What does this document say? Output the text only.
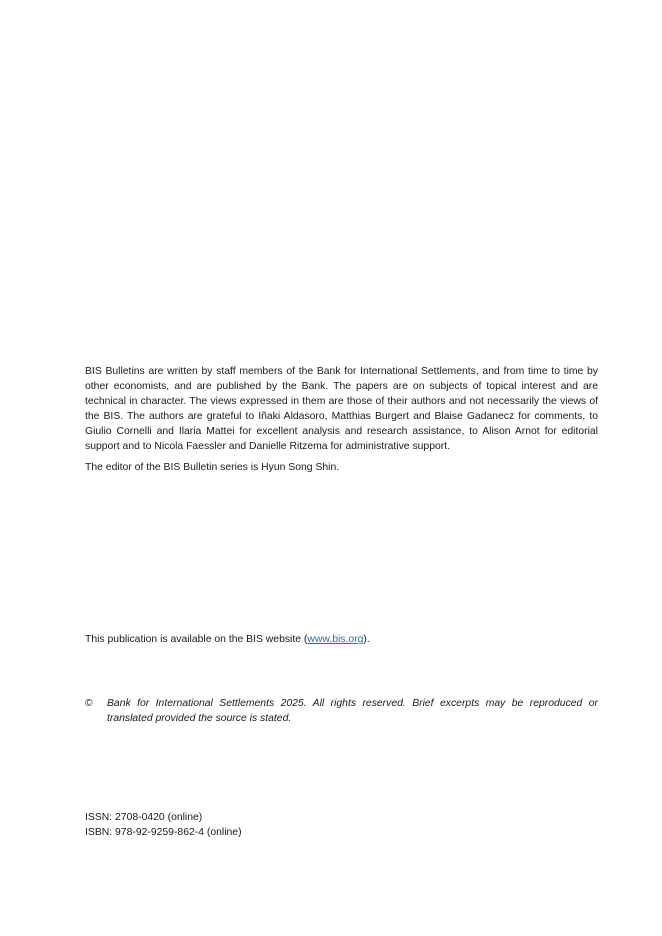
BIS Bulletins are written by staff members of the Bank for International Settlements, and from time to time by other economists, and are published by the Bank. The papers are on subjects of topical interest and are technical in character. The views expressed in them are those of their authors and not necessarily the views of the BIS. The authors are grateful to Iñaki Aldasoro, Matthias Burgert and Blaise Gadanecz for comments, to Giulio Cornelli and Ilaria Mattei for excellent analysis and research assistance, to Alison Arnot for editorial support and to Nicola Faessler and Danielle Ritzema for administrative support.

The editor of the BIS Bulletin series is Hyun Song Shin.

This publication is available on the BIS website (www.bis.org).

©	Bank for International Settlements 2025. All rights reserved. Brief excerpts may be reproduced or translated provided the source is stated.
ISSN: 2708-0420 (online)
ISBN: 978-92-9259-862-4 (online)
